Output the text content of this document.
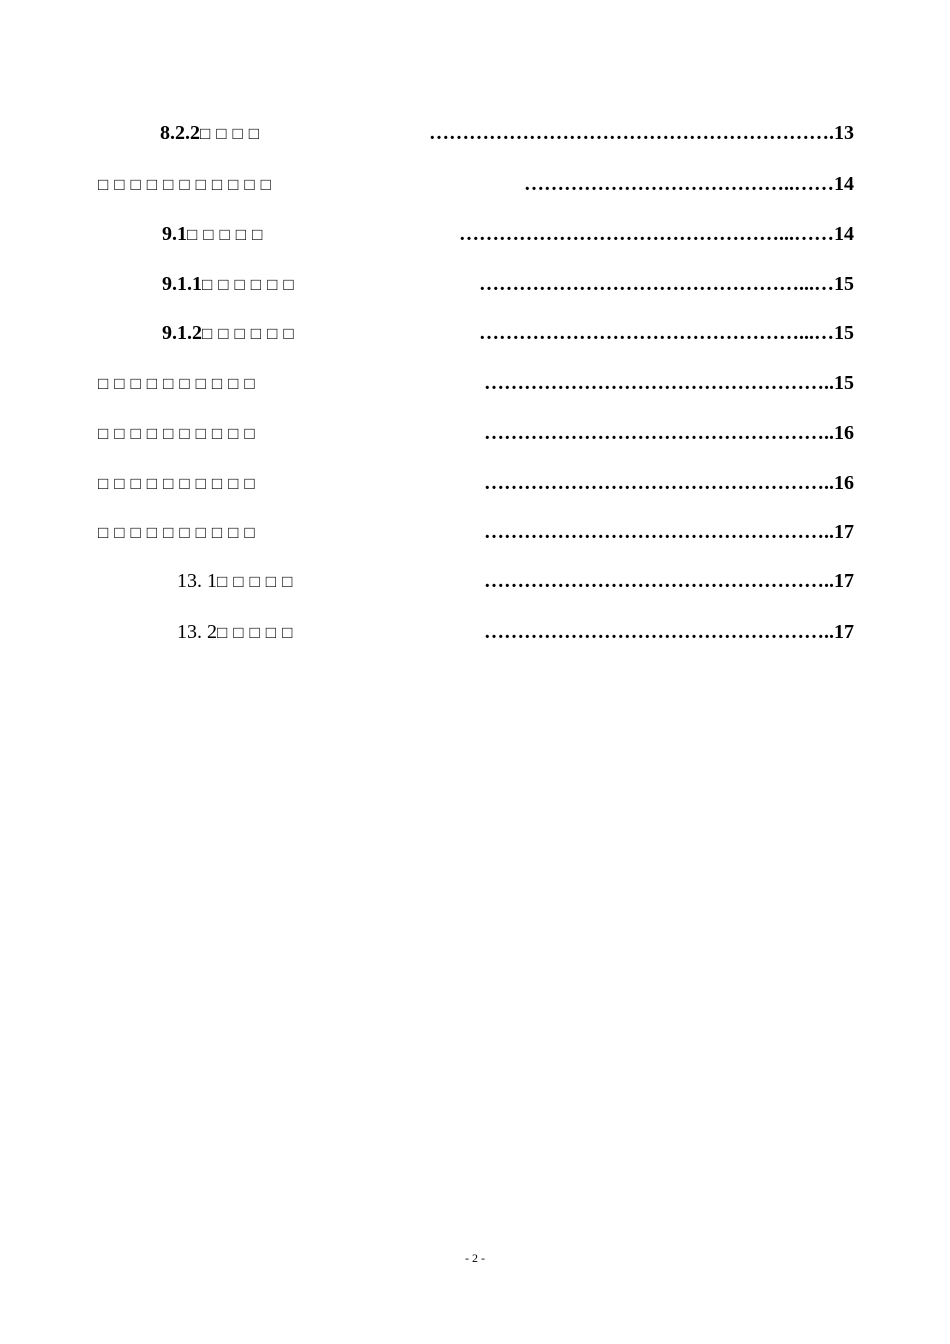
8.2.2□□□□	…………………………………………………….13
□□□□□□□□□□□	…………………………………..……14
9.1□□□□□	…………………………………………...……14
9.1.1□□□□□□	…………………………………………...…15
9.1.2□□□□□□	…………………………………………...…15
□□□□□□□□□□	……………………………………………..15
□□□□□□□□□□	……………………………………………..16
□□□□□□□□□□	……………………………………………..16
□□□□□□□□□□	……………………………………………..17
13. 1□□□□□	……………………………………………..17
13. 2□□□□□	……………………………………………..17
- 2 -
